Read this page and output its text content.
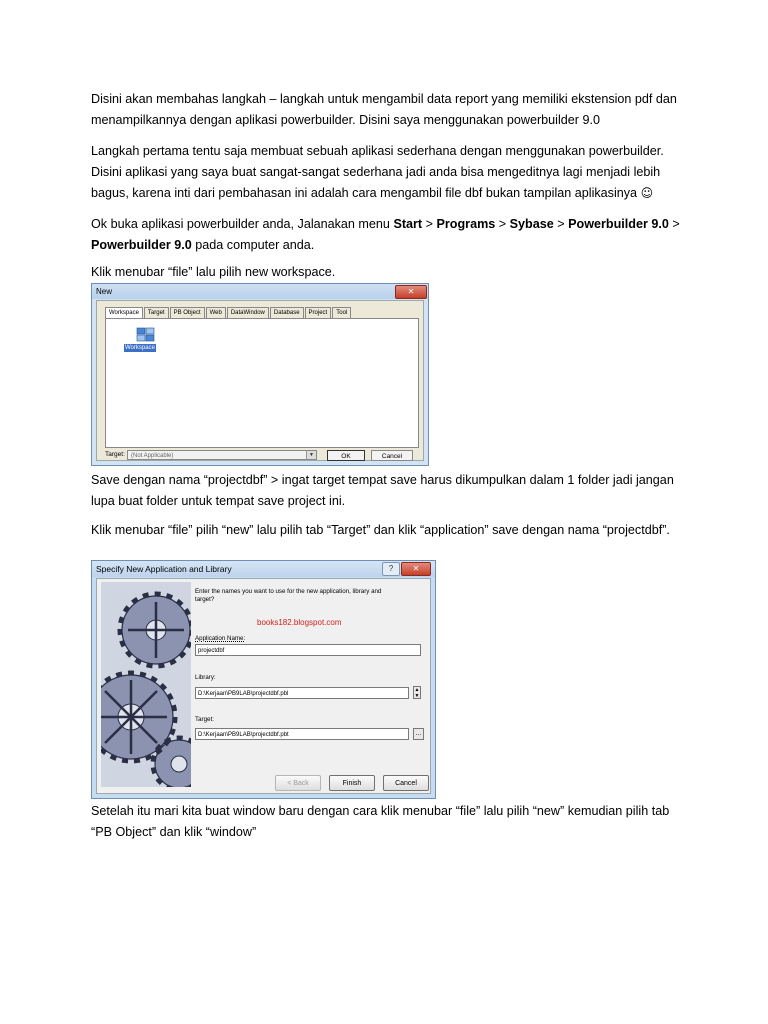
Disini akan membahas langkah – langkah untuk mengambil data report yang memiliki ekstension pdf dan menampilkannya dengan aplikasi powerbuilder. Disini saya menggunakan powerbuilder 9.0
Langkah pertama tentu saja membuat sebuah aplikasi sederhana dengan menggunakan powerbuilder. Disini aplikasi yang saya buat sangat-sangat sederhana jadi anda bisa mengeditnya lagi menjadi lebih bagus, karena inti dari pembahasan ini adalah cara mengambil file dbf bukan tampilan aplikasinya ☺
Ok buka aplikasi powerbuilder anda, Jalanakan menu Start > Programs > Sybase > Powerbuilder 9.0 > Powerbuilder 9.0 pada computer anda.
Klik menubar “file” lalu pilih new workspace.
New	✕
Workspace	Target	PB Object	Web	DataWindow	Database	Project	Tool
Workspace
Target:	(Not Applicable)	▼	OK	Cancel
Save dengan nama “projectdbf” > ingat target tempat save harus dikumpulkan dalam 1 folder jadi jangan lupa buat folder untuk tempat save project ini.
Klik menubar “file” pilih “new” lalu pilih tab “Target” dan klik “application” save dengan nama “projectdbf”.
Specify New Application and Library	?	✕
Enter the names you want to use for the new application, library and target?
books182.blogspot.com
Application Name:
projectdbf
Library:
D:\Kerjaan\PB9LAB\projectdbf.pbl
▲
▼
Target:
D:\Kerjaan\PB9LAB\projectdbf.pbt	...
< Back	Finish	Cancel
Setelah itu mari kita buat window baru dengan cara klik menubar “file” lalu pilih “new” kemudian pilih tab “PB Object” dan klik “window”
